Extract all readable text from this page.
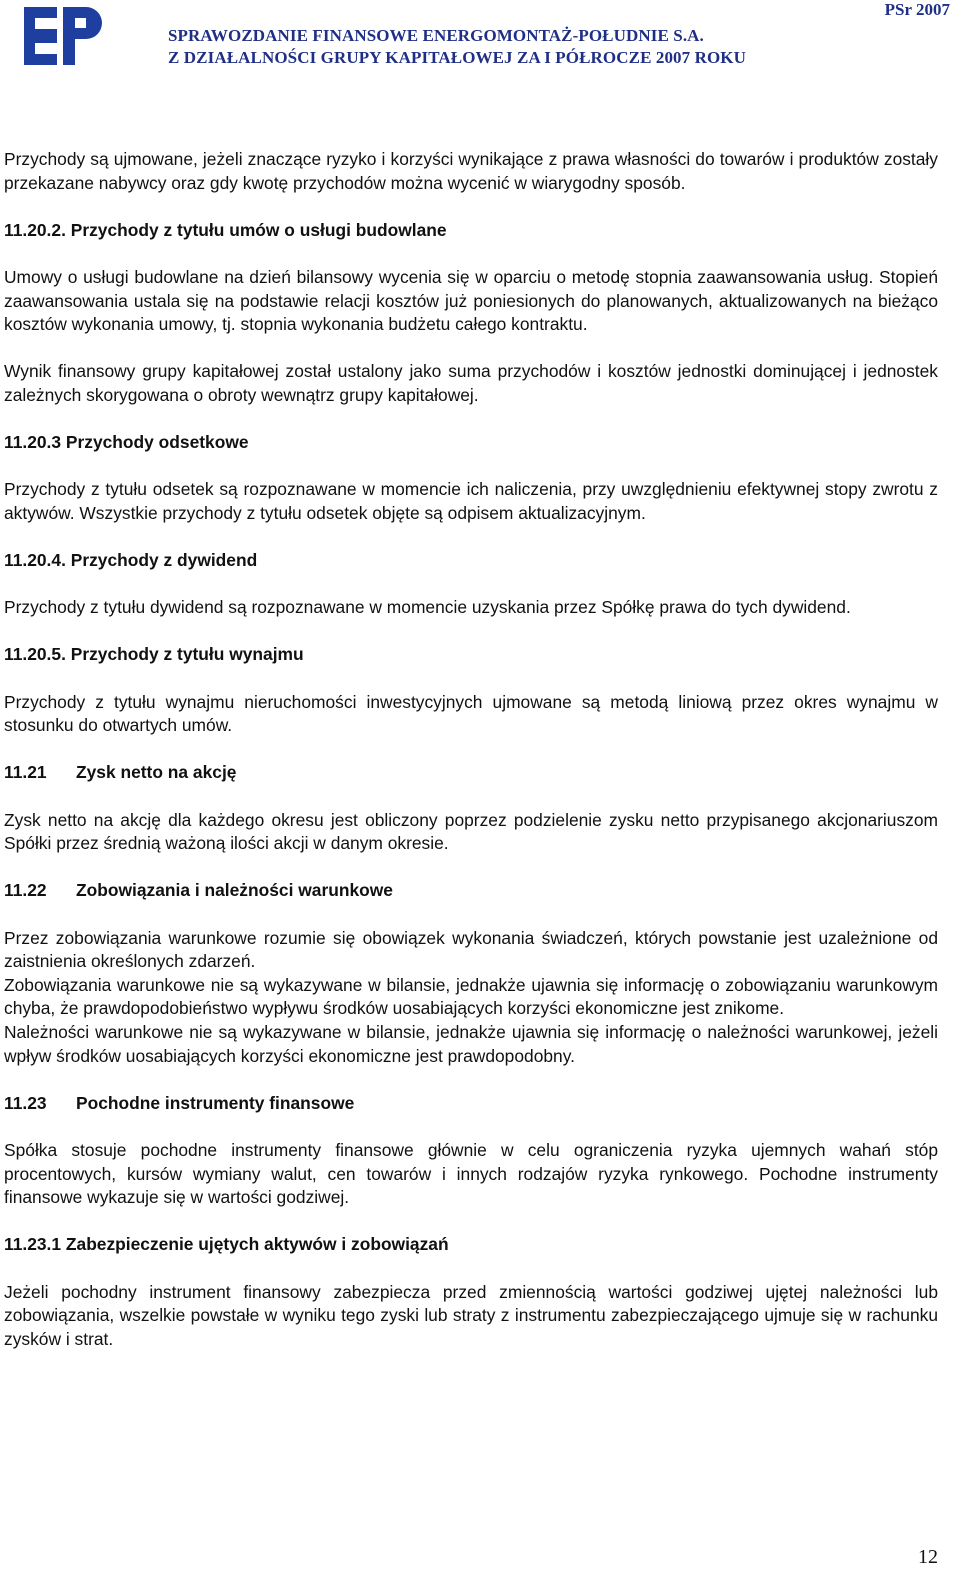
SPRAWOZDANIE FINANSOWE ENERGOMONTAŻ-POŁUDNIE S.A.
Z DZIAŁALNOŚCI GRUPY KAPITAŁOWEJ ZA I PÓŁROCZE 2007 ROKU
PSr 2007

Przychody są ujmowane, jeżeli znaczące ryzyko i korzyści wynikające z prawa własności do towarów i produktów zostały przekazane nabywcy oraz gdy kwotę przychodów można wycenić w wiarygodny sposób.

11.20.2. Przychody z tytułu umów o usługi budowlane

Umowy o usługi budowlane na dzień bilansowy wycenia się w oparciu o metodę stopnia zaawansowania usług. Stopień zaawansowania ustala się na podstawie relacji kosztów już poniesionych do planowanych, aktualizowanych na bieżąco kosztów wykonania umowy, tj. stopnia wykonania budżetu całego kontraktu.

Wynik finansowy grupy kapitałowej został ustalony jako suma przychodów i kosztów jednostki dominującej i jednostek zależnych skorygowana o obroty wewnątrz grupy kapitałowej.

11.20.3 Przychody odsetkowe

Przychody z tytułu odsetek są rozpoznawane w momencie ich naliczenia, przy uwzględnieniu efektywnej stopy zwrotu z aktywów. Wszystkie przychody z tytułu odsetek objęte są odpisem aktualizacyjnym.

11.20.4. Przychody z dywidend

Przychody z tytułu dywidend są rozpoznawane w momencie uzyskania przez Spółkę prawa do tych dywidend.

11.20.5. Przychody z tytułu wynajmu

Przychody z tytułu wynajmu nieruchomości inwestycyjnych ujmowane są metodą liniową przez okres wynajmu w stosunku do otwartych umów.

11.21 Zysk netto na akcję

Zysk netto na akcję dla każdego okresu jest obliczony poprzez podzielenie zysku netto przypisanego akcjonariuszom Spółki przez średnią ważoną ilości akcji w danym okresie.

11.22 Zobowiązania i należności warunkowe

Przez zobowiązania warunkowe rozumie się obowiązek wykonania świadczeń, których powstanie jest uzależnione od zaistnienia określonych zdarzeń.

Zobowiązania warunkowe nie są wykazywane w bilansie, jednakże ujawnia się informację o zobowiązaniu warunkowym chyba, że prawdopodobieństwo wypływu środków uosabiających korzyści ekonomiczne jest znikome.

Należności warunkowe nie są wykazywane w bilansie, jednakże ujawnia się informację o należności warunkowej, jeżeli wpływ środków uosabiających korzyści ekonomiczne jest prawdopodobny.

11.23 Pochodne instrumenty finansowe

Spółka stosuje pochodne instrumenty finansowe głównie w celu ograniczenia ryzyka ujemnych wahań stóp procentowych, kursów wymiany walut, cen towarów i innych rodzajów ryzyka rynkowego. Pochodne instrumenty finansowe wykazuje się w wartości godziwej.

11.23.1 Zabezpieczenie ujętych aktywów i zobowiązań

Jeżeli pochodny instrument finansowy zabezpiecza przed zmiennością wartości godziwej ujętej należności lub zobowiązania, wszelkie powstałe w wyniku tego zyski lub straty z instrumentu zabezpieczającego ujmuje się w rachunku zysków i strat.

12
